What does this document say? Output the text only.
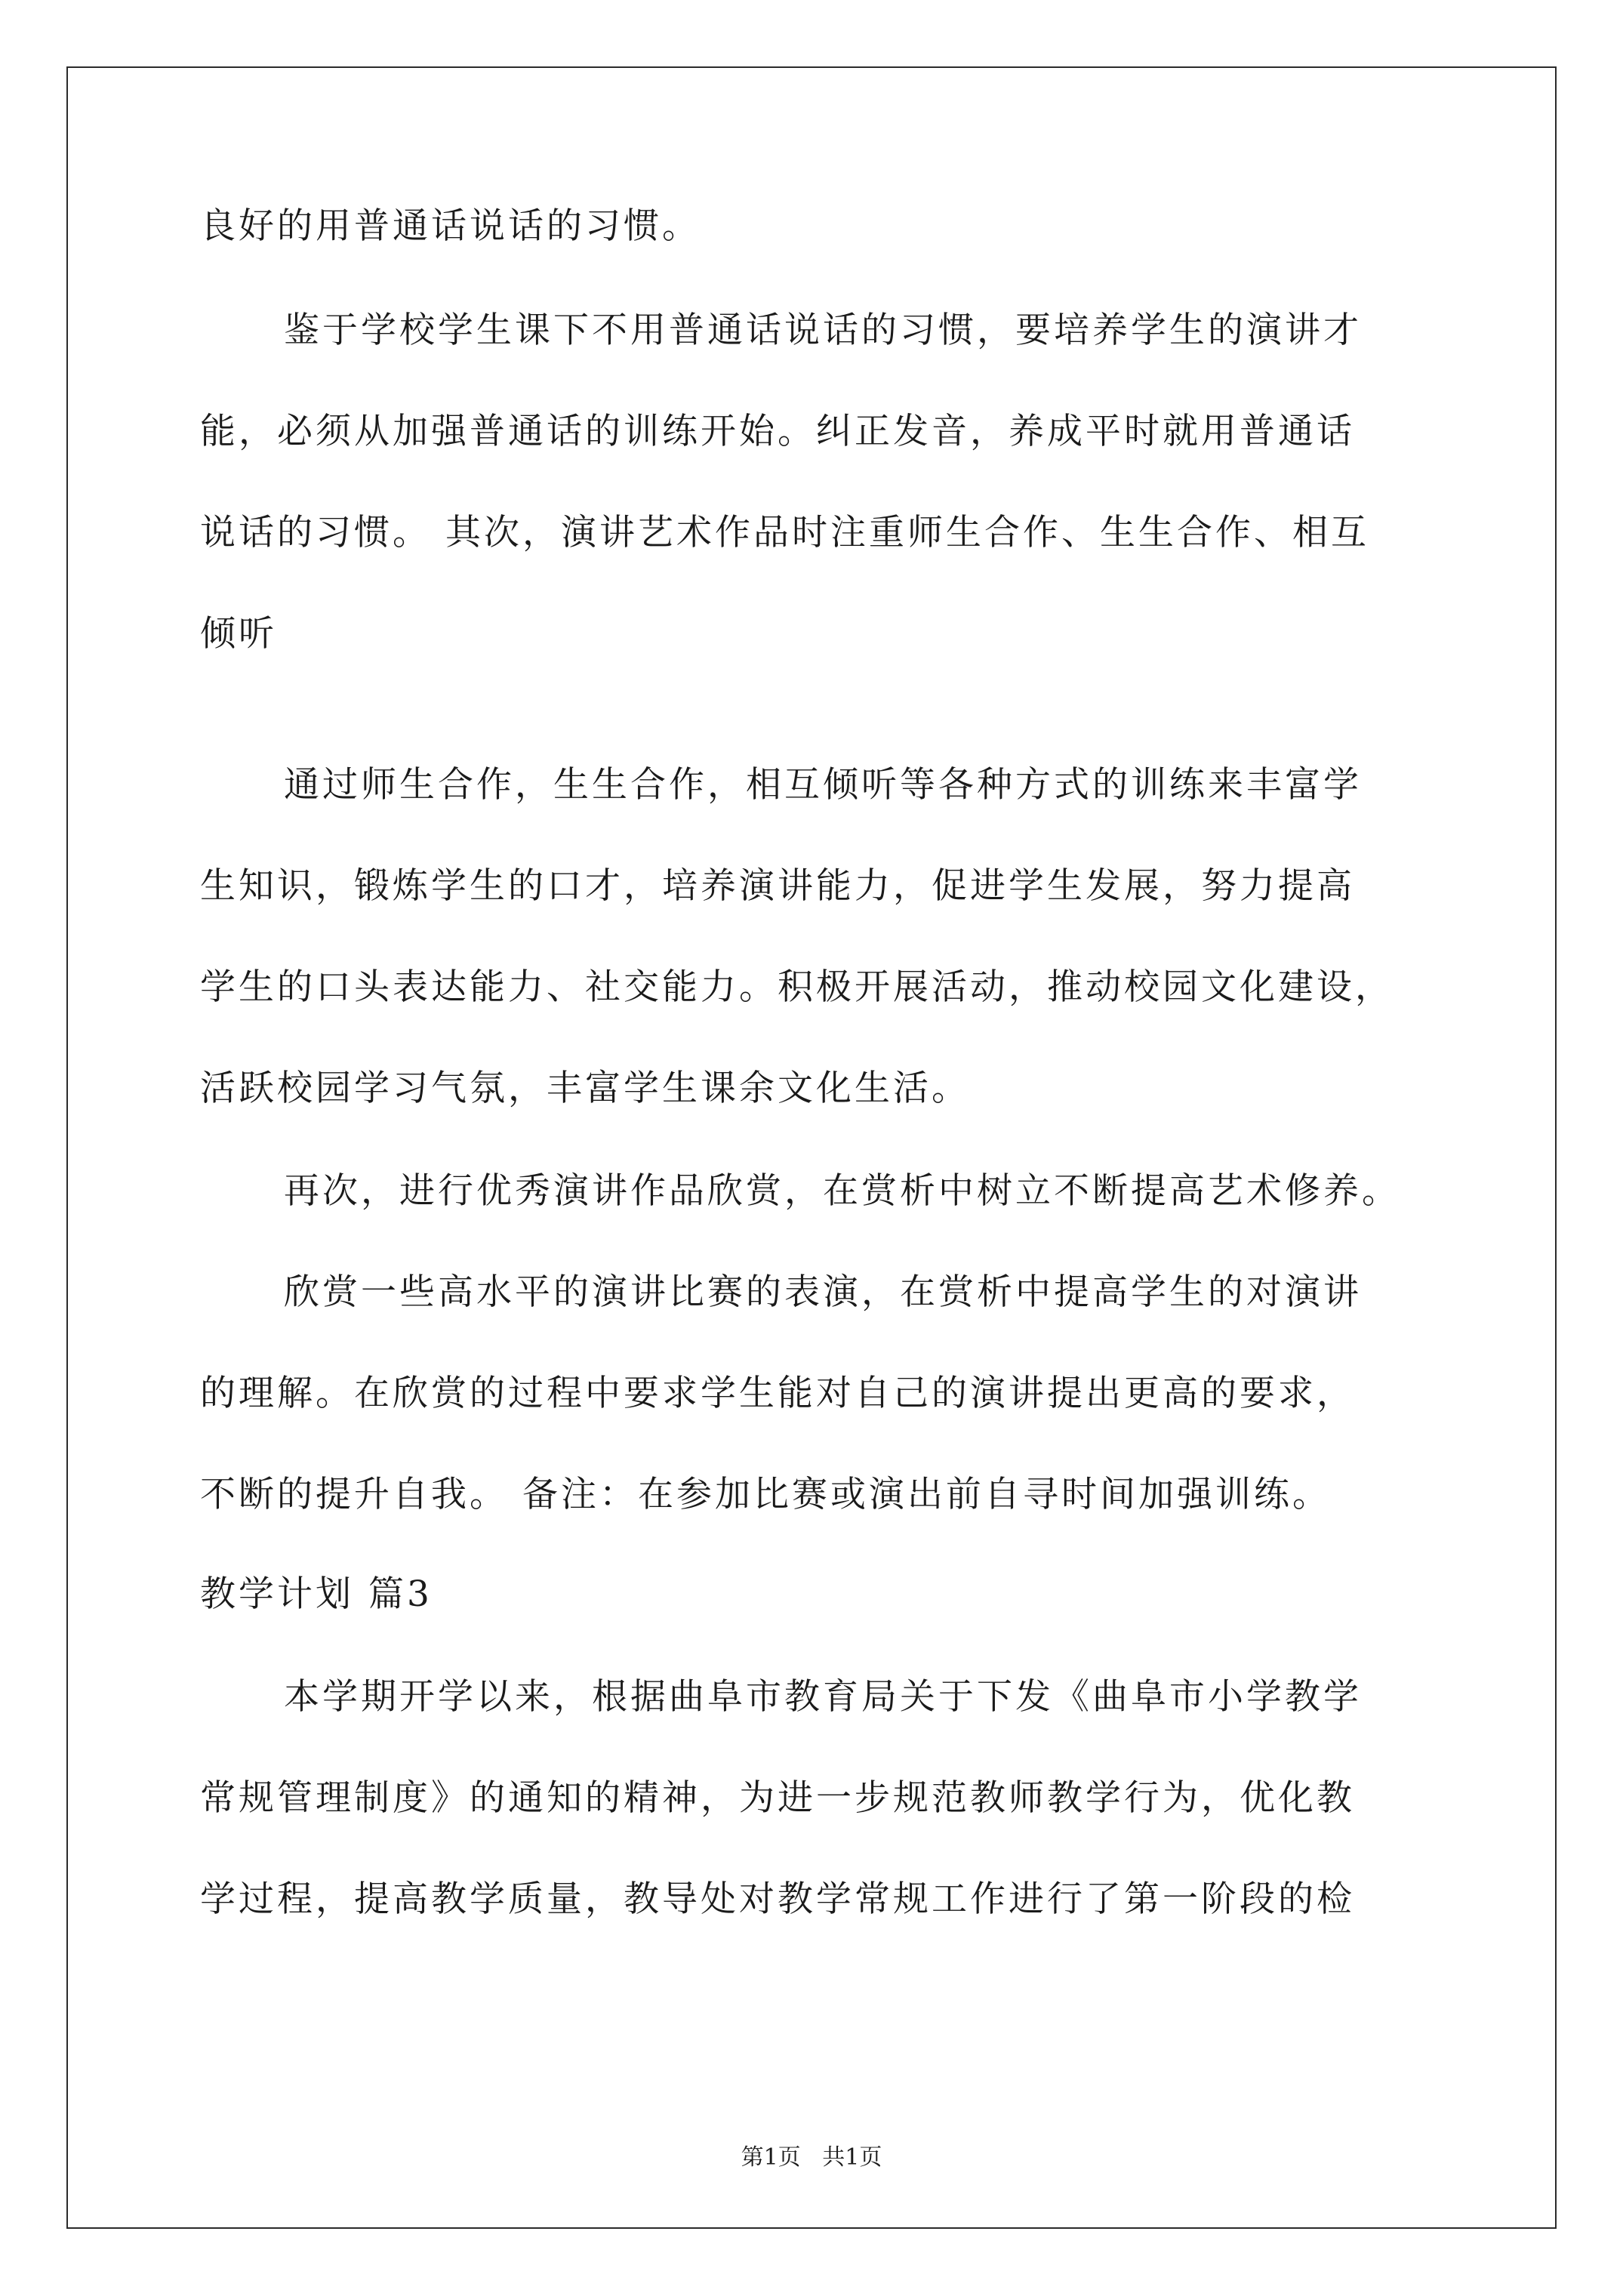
良好的用普通话说话的习惯。
鉴于学校学生课下不用普通话说话的习惯，要培养学生的演讲才
能，必须从加强普通话的训练开始。纠正发音，养成平时就用普通话
说话的习惯。 其次，演讲艺术作品时注重师生合作、生生合作、相互
倾听
通过师生合作，生生合作，相互倾听等各种方式的训练来丰富学
生知识，锻炼学生的口才，培养演讲能力，促进学生发展，努力提高
学生的口头表达能力、社交能力。积极开展活动，推动校园文化建设，
活跃校园学习气氛，丰富学生课余文化生活。
再次，进行优秀演讲作品欣赏，在赏析中树立不断提高艺术修养。
欣赏一些高水平的演讲比赛的表演，在赏析中提高学生的对演讲
的理解。在欣赏的过程中要求学生能对自己的演讲提出更高的要求，
不断的提升自我。 备注：在参加比赛或演出前自寻时间加强训练。
教学计划 篇3
本学期开学以来，根据曲阜市教育局关于下发《曲阜市小学教学
常规管理制度》的通知的精神，为进一步规范教师教学行为，优化教
学过程，提高教学质量，教导处对教学常规工作进行了第一阶段的检
第1页   共1页
